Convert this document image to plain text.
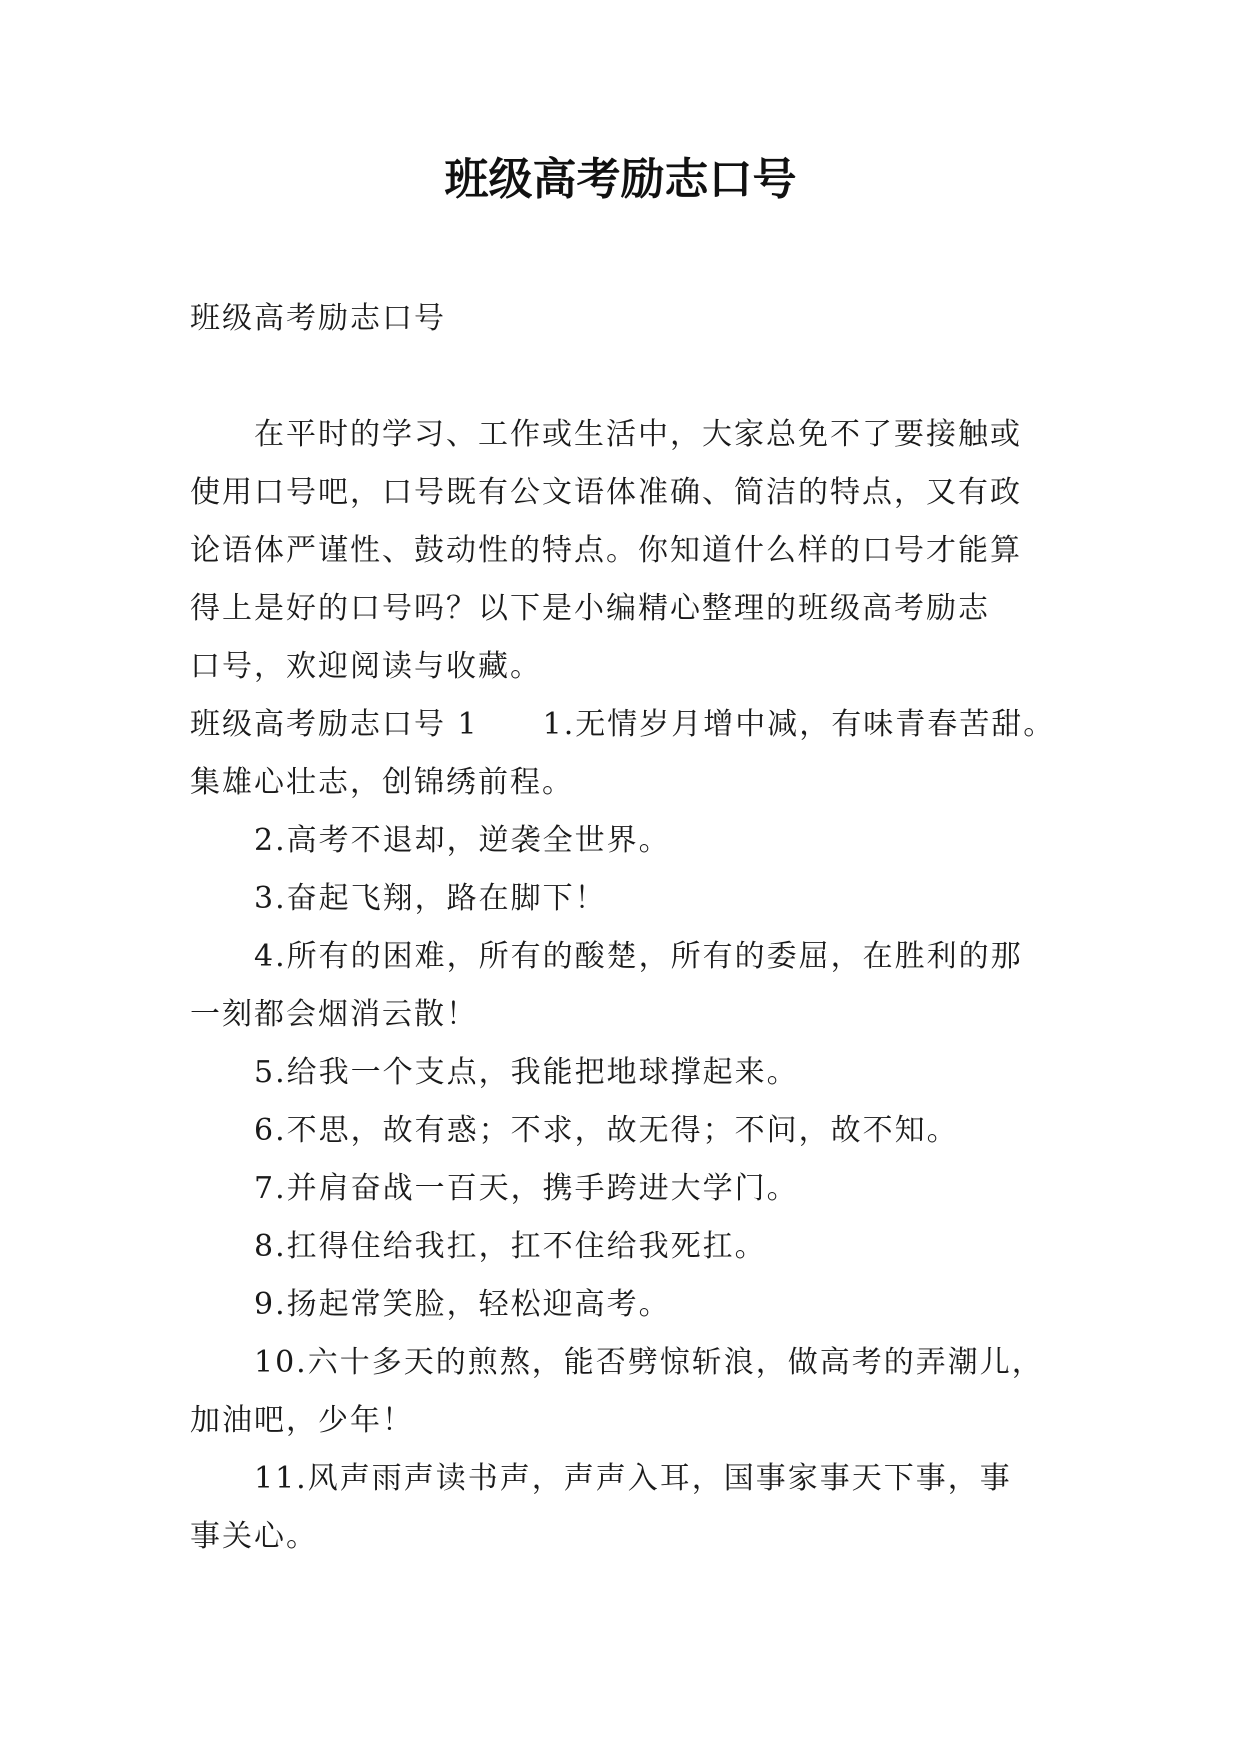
班级高考励志口号
班级高考励志口号
在平时的学习、工作或生活中，大家总免不了要接触或
使用口号吧，口号既有公文语体准确、简洁的特点，又有政
论语体严谨性、鼓动性的特点。你知道什么样的口号才能算
得上是好的口号吗？以下是小编精心整理的班级高考励志
口号，欢迎阅读与收藏。
班级高考励志口号 1　　1.无情岁月增中减，有味青春苦甜。
集雄心壮志，创锦绣前程。
2.高考不退却，逆袭全世界。
3.奋起飞翔，路在脚下！
4.所有的困难，所有的酸楚，所有的委屈，在胜利的那
一刻都会烟消云散！
5.给我一个支点，我能把地球撑起来。
6.不思，故有惑；不求，故无得；不问，故不知。
7.并肩奋战一百天，携手跨进大学门。
8.扛得住给我扛，扛不住给我死扛。
9.扬起常笑脸，轻松迎高考。
10.六十多天的煎熬，能否劈惊斩浪，做高考的弄潮儿，
加油吧，少年！
11.风声雨声读书声，声声入耳，国事家事天下事，事
事关心。
